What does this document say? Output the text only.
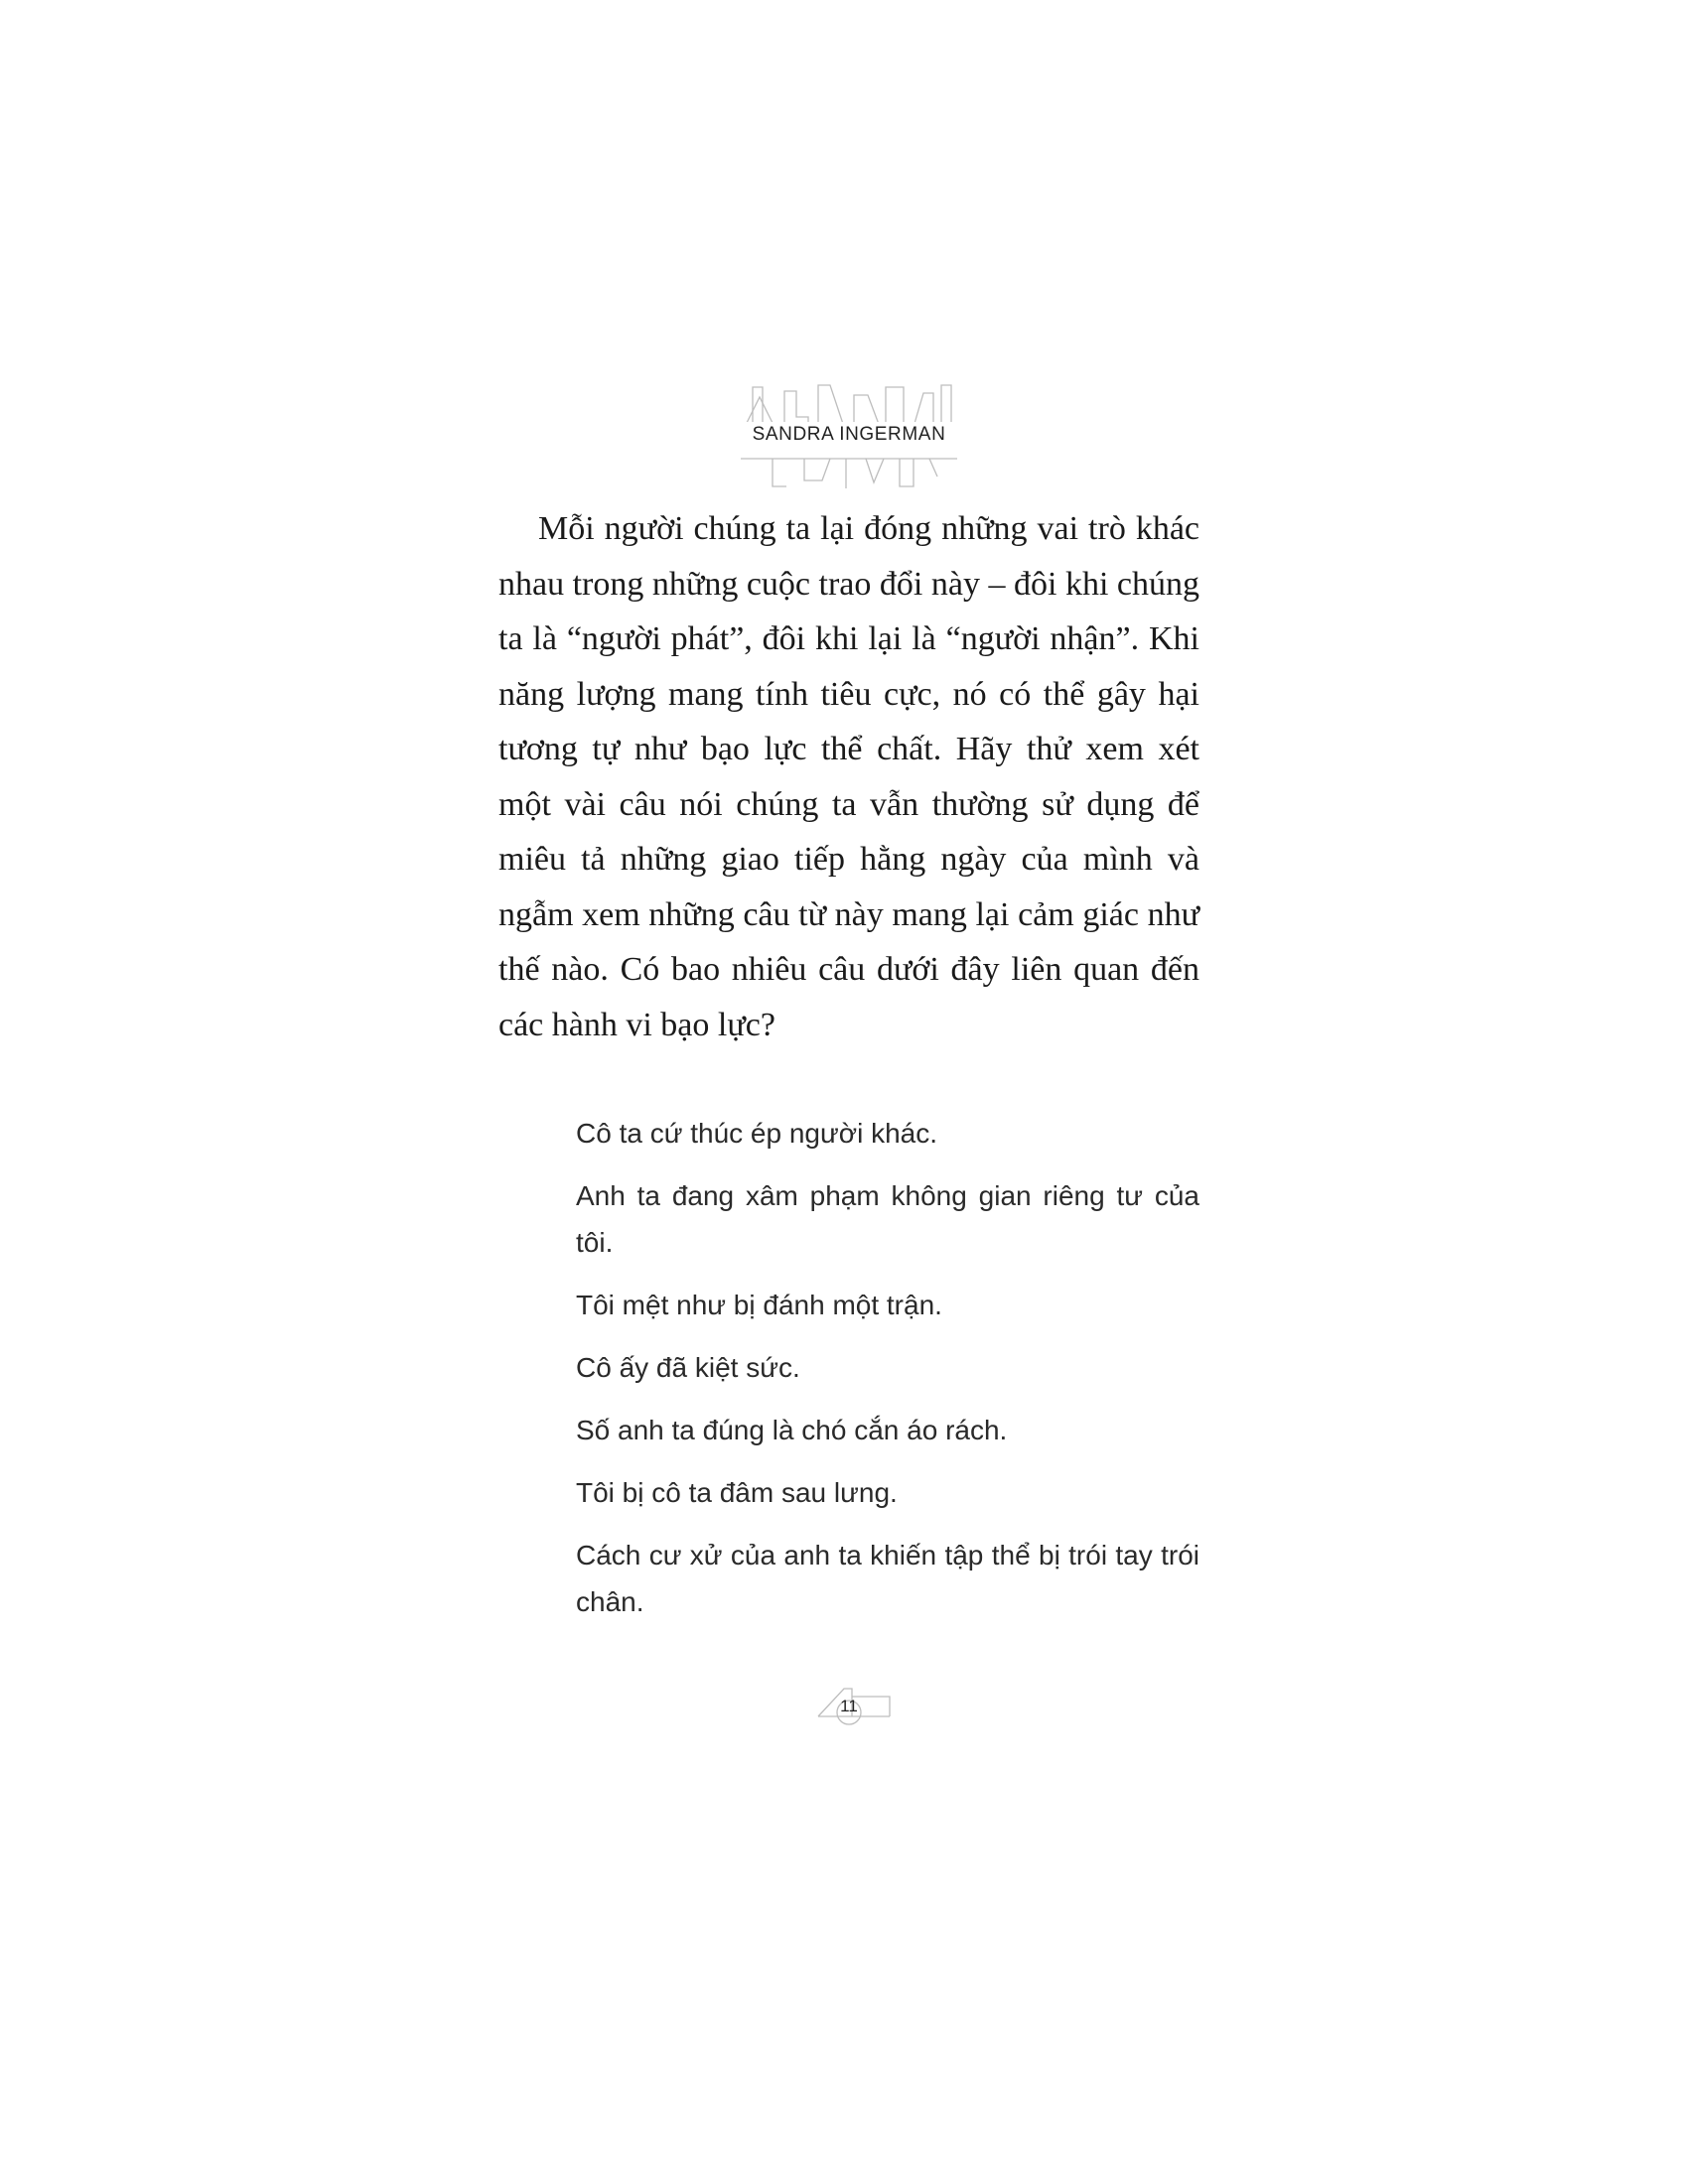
SANDRA INGERMAN

Mỗi người chúng ta lại đóng những vai trò khác nhau trong những cuộc trao đổi này – đôi khi chúng ta là “người phát”, đôi khi lại là “người nhận”. Khi năng lượng mang tính tiêu cực, nó có thể gây hại tương tự như bạo lực thể chất. Hãy thử xem xét một vài câu nói chúng ta vẫn thường sử dụng để miêu tả những giao tiếp hằng ngày của mình và ngẫm xem những câu từ này mang lại cảm giác như thế nào. Có bao nhiêu câu dưới đây liên quan đến các hành vi bạo lực?

Cô ta cứ thúc ép người khác.
Anh ta đang xâm phạm không gian riêng tư của tôi.
Tôi mệt như bị đánh một trận.
Cô ấy đã kiệt sức.
Số anh ta đúng là chó cắn áo rách.
Tôi bị cô ta đâm sau lưng.
Cách cư xử của anh ta khiến tập thể bị trói tay trói chân.
11
